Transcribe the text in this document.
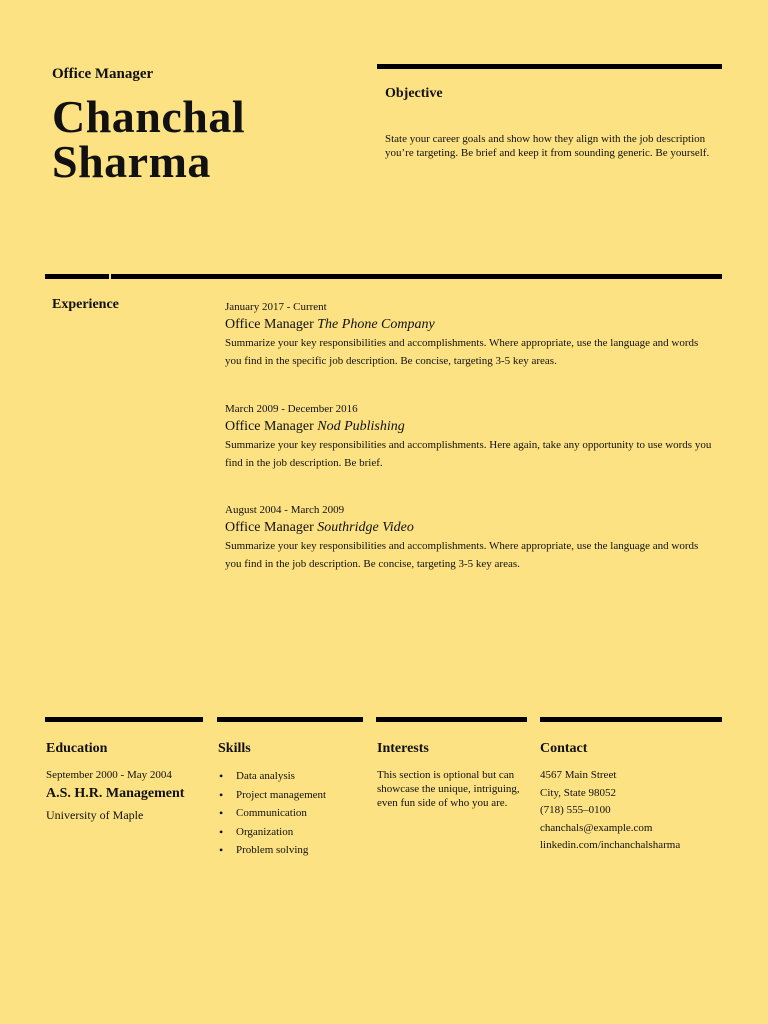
Office Manager
Chanchal
Sharma
Objective
State your career goals and show how they align with the job description you’re targeting. Be brief and keep it from sounding generic. Be yourself.
Experience	January 2017 - Current
Office Manager The Phone Company
Summarize your key responsibilities and accomplishments. Where appropriate, use the language and words you find in the specific job description. Be concise, targeting 3-5 key areas.
March 2009 - December 2016
Office Manager Nod Publishing
Summarize your key responsibilities and accomplishments. Here again, take any opportunity to use words you find in the job description. Be brief.
August 2004 - March 2009
Office Manager Southridge Video
Summarize your key responsibilities and accomplishments. Where appropriate, use the language and words you find in the job description. Be concise, targeting 3-5 key areas.
Education
September 2000 - May 2004
A.S. H.R. Management
University of Maple
Skills
• Data analysis
• Project management
• Communication
• Organization
• Problem solving
Interests
This section is optional but can showcase the unique, intriguing, even fun side of who you are.
Contact
4567 Main Street
City, State 98052
(718) 555–0100
chanchals@example.com
linkedin.com/inchanchalsharma
